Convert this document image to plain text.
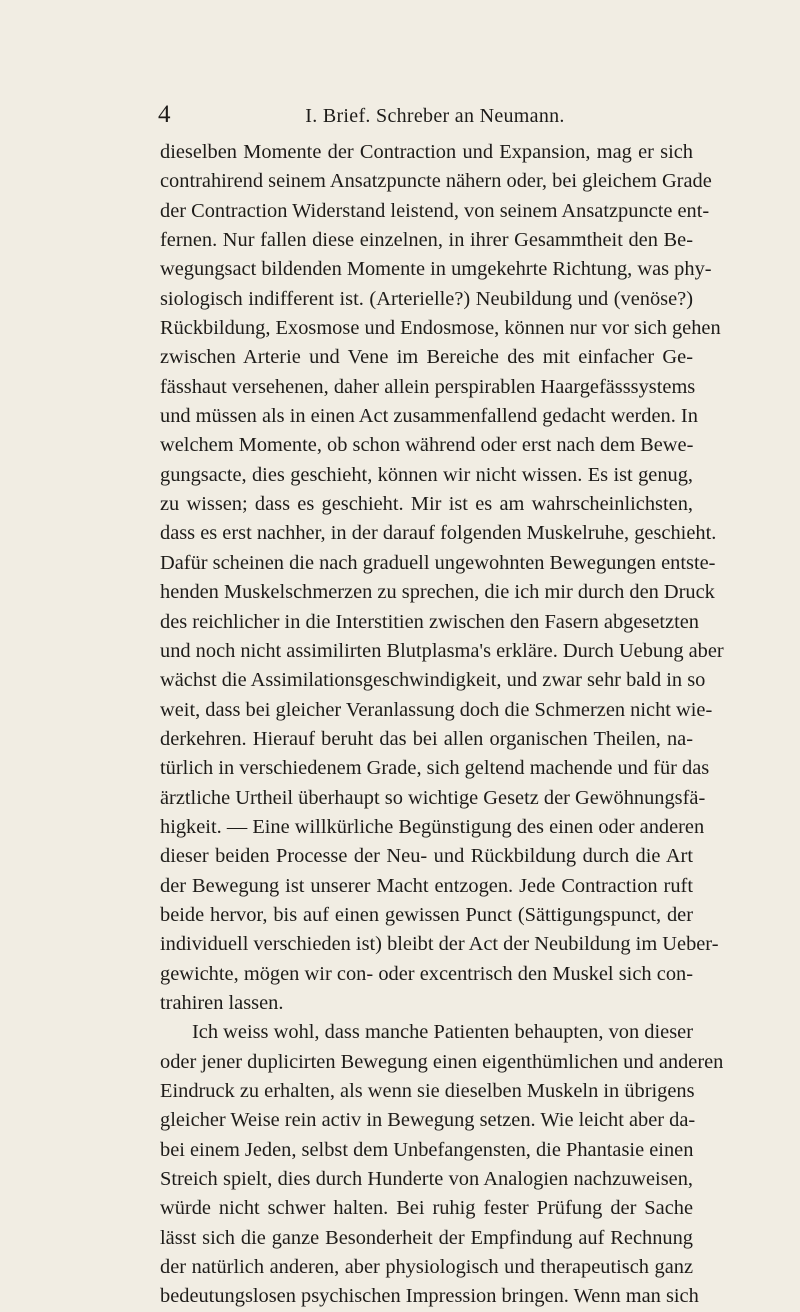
4	I. Brief. Schreber an Neumann.
dieselben Momente der Contraction und Expansion, mag er sich
contrahirend seinem Ansatzpuncte nähern oder, bei gleichem Grade
der Contraction Widerstand leistend, von seinem Ansatzpuncte ent-
fernen. Nur fallen diese einzelnen, in ihrer Gesammtheit den Be-
wegungsact bildenden Momente in umgekehrte Richtung, was phy-
siologisch indifferent ist. (Arterielle?) Neubildung und (venöse?)
Rückbildung, Exosmose und Endosmose, können nur vor sich gehen
zwischen Arterie und Vene im Bereiche des mit einfacher Ge-
fässhaut versehenen, daher allein perspirablen Haargefässsystems
und müssen als in einen Act zusammenfallend gedacht werden. In
welchem Momente, ob schon während oder erst nach dem Bewe-
gungsacte, dies geschieht, können wir nicht wissen. Es ist genug,
zu wissen; dass es geschieht. Mir ist es am wahrscheinlichsten,
dass es erst nachher, in der darauf folgenden Muskelruhe, geschieht.
Dafür scheinen die nach graduell ungewohnten Bewegungen entste-
henden Muskelschmerzen zu sprechen, die ich mir durch den Druck
des reichlicher in die Interstitien zwischen den Fasern abgesetzten
und noch nicht assimilirten Blutplasma's erkläre. Durch Uebung aber
wächst die Assimilationsgeschwindigkeit, und zwar sehr bald in so
weit, dass bei gleicher Veranlassung doch die Schmerzen nicht wie-
derkehren. Hierauf beruht das bei allen organischen Theilen, na-
türlich in verschiedenem Grade, sich geltend machende und für das
ärztliche Urtheil überhaupt so wichtige Gesetz der Gewöhnungsfä-
higkeit. — Eine willkürliche Begünstigung des einen oder anderen
dieser beiden Processe der Neu- und Rückbildung durch die Art
der Bewegung ist unserer Macht entzogen. Jede Contraction ruft
beide hervor, bis auf einen gewissen Punct (Sättigungspunct, der
individuell verschieden ist) bleibt der Act der Neubildung im Ueber-
gewichte, mögen wir con- oder excentrisch den Muskel sich con-
trahiren lassen.
Ich weiss wohl, dass manche Patienten behaupten, von dieser
oder jener duplicirten Bewegung einen eigenthümlichen und anderen
Eindruck zu erhalten, als wenn sie dieselben Muskeln in übrigens
gleicher Weise rein activ in Bewegung setzen. Wie leicht aber da-
bei einem Jeden, selbst dem Unbefangensten, die Phantasie einen
Streich spielt, dies durch Hunderte von Analogien nachzuweisen,
würde nicht schwer halten. Bei ruhig fester Prüfung der Sache
lässt sich die ganze Besonderheit der Empfindung auf Rechnung
der natürlich anderen, aber physiologisch und therapeutisch ganz
bedeutungslosen psychischen Impression bringen. Wenn man sich
